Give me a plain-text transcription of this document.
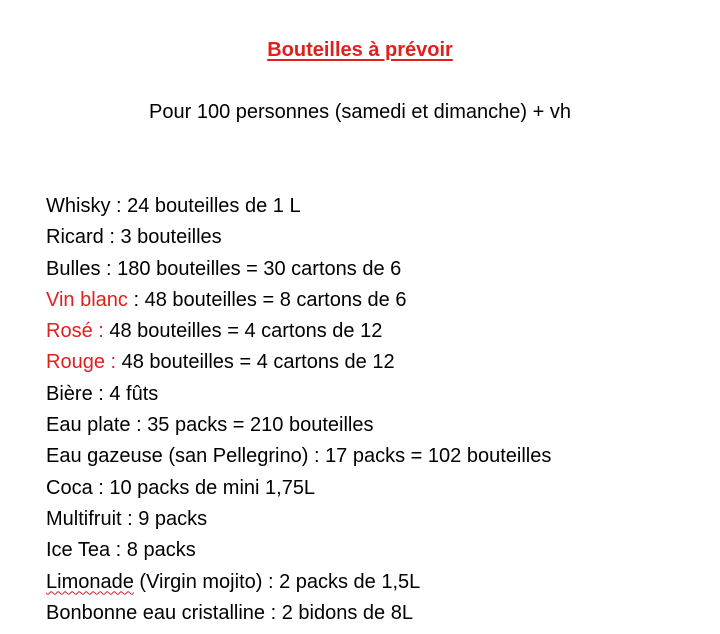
Bouteilles à prévoir
Pour 100 personnes (samedi et dimanche) + vh
Whisky : 24 bouteilles de 1 L
Ricard : 3 bouteilles
Bulles : 180 bouteilles = 30 cartons de 6
Vin blanc : 48 bouteilles = 8 cartons de 6
Rosé : 48 bouteilles = 4 cartons de 12
Rouge : 48 bouteilles = 4 cartons de 12
Bière : 4 fûts
Eau plate : 35 packs = 210 bouteilles
Eau gazeuse (san Pellegrino) : 17 packs = 102 bouteilles
Coca : 10 packs de mini 1,75L
Multifruit : 9 packs
Ice Tea : 8 packs
Limonade (Virgin mojito) : 2 packs de 1,5L
Bonbonne eau cristalline : 2 bidons de 8L
